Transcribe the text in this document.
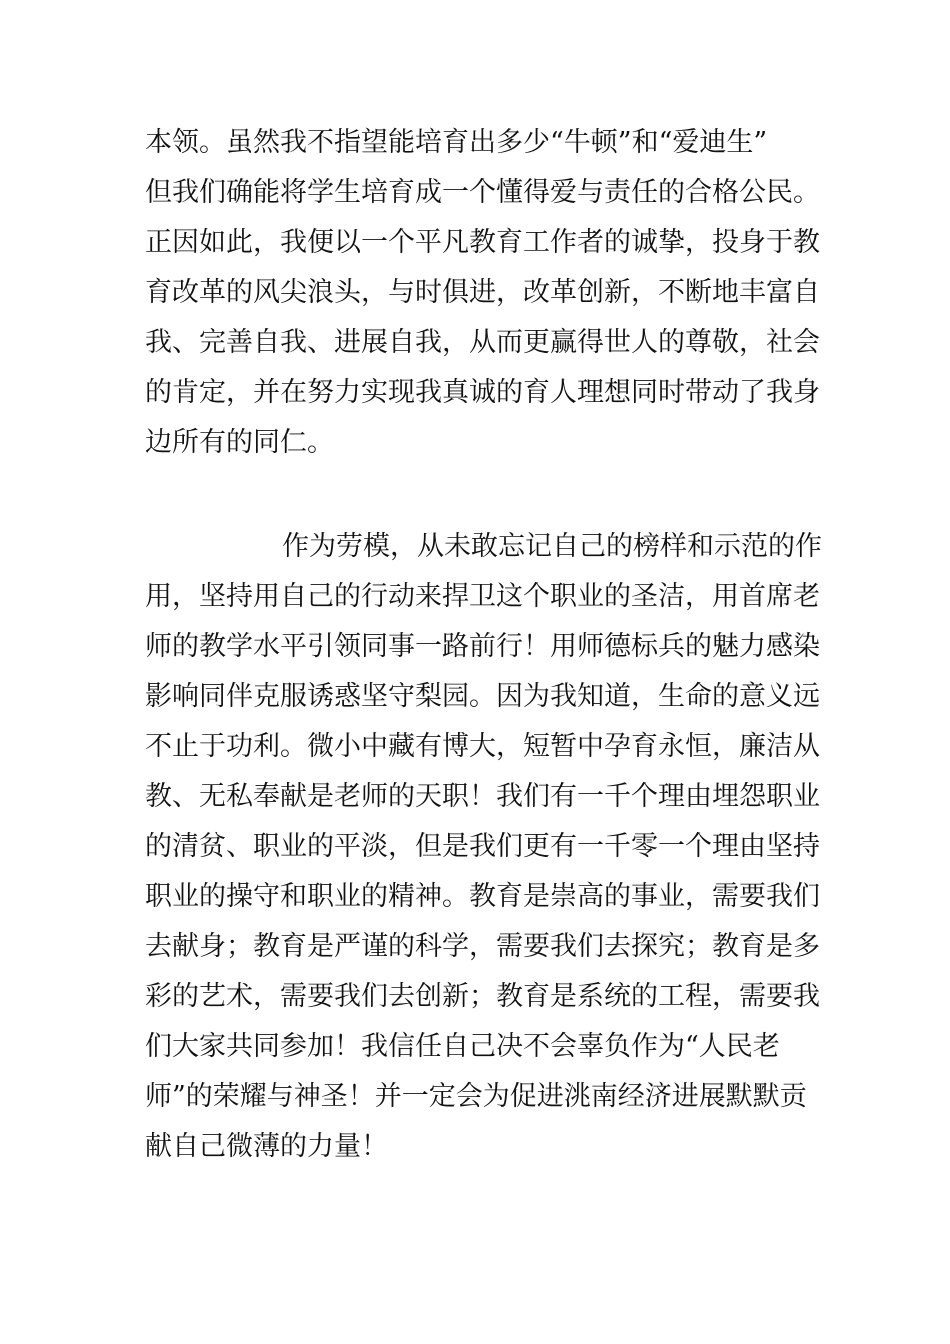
本领。虽然我不指望能培育出多少“牛顿”和“爱迪生”
但我们确能将学生培育成一个懂得爱与责任的合格公民。
正因如此，我便以一个平凡教育工作者的诚挚，投身于教
育改革的风尖浪头，与时俱进，改革创新，不断地丰富自
我、完善自我、进展自我，从而更赢得世人的尊敬，社会
的肯定，并在努力实现我真诚的育人理想同时带动了我身
边所有的同仁。
作为劳模，从未敢忘记自己的榜样和示范的作
用，坚持用自己的行动来捍卫这个职业的圣洁，用首席老
师的教学水平引领同事一路前行！用师德标兵的魅力感染
影响同伴克服诱惑坚守梨园。因为我知道，生命的意义远
不止于功利。微小中藏有博大，短暂中孕育永恒，廉洁从
教、无私奉献是老师的天职！我们有一千个理由埋怨职业
的清贫、职业的平淡，但是我们更有一千零一个理由坚持
职业的操守和职业的精神。教育是崇高的事业，需要我们
去献身；教育是严谨的科学，需要我们去探究；教育是多
彩的艺术，需要我们去创新；教育是系统的工程，需要我
们大家共同参加！我信任自己决不会辜负作为“人民老
师”的荣耀与神圣！并一定会为促进洮南经济进展默默贡
献自己微薄的力量！
